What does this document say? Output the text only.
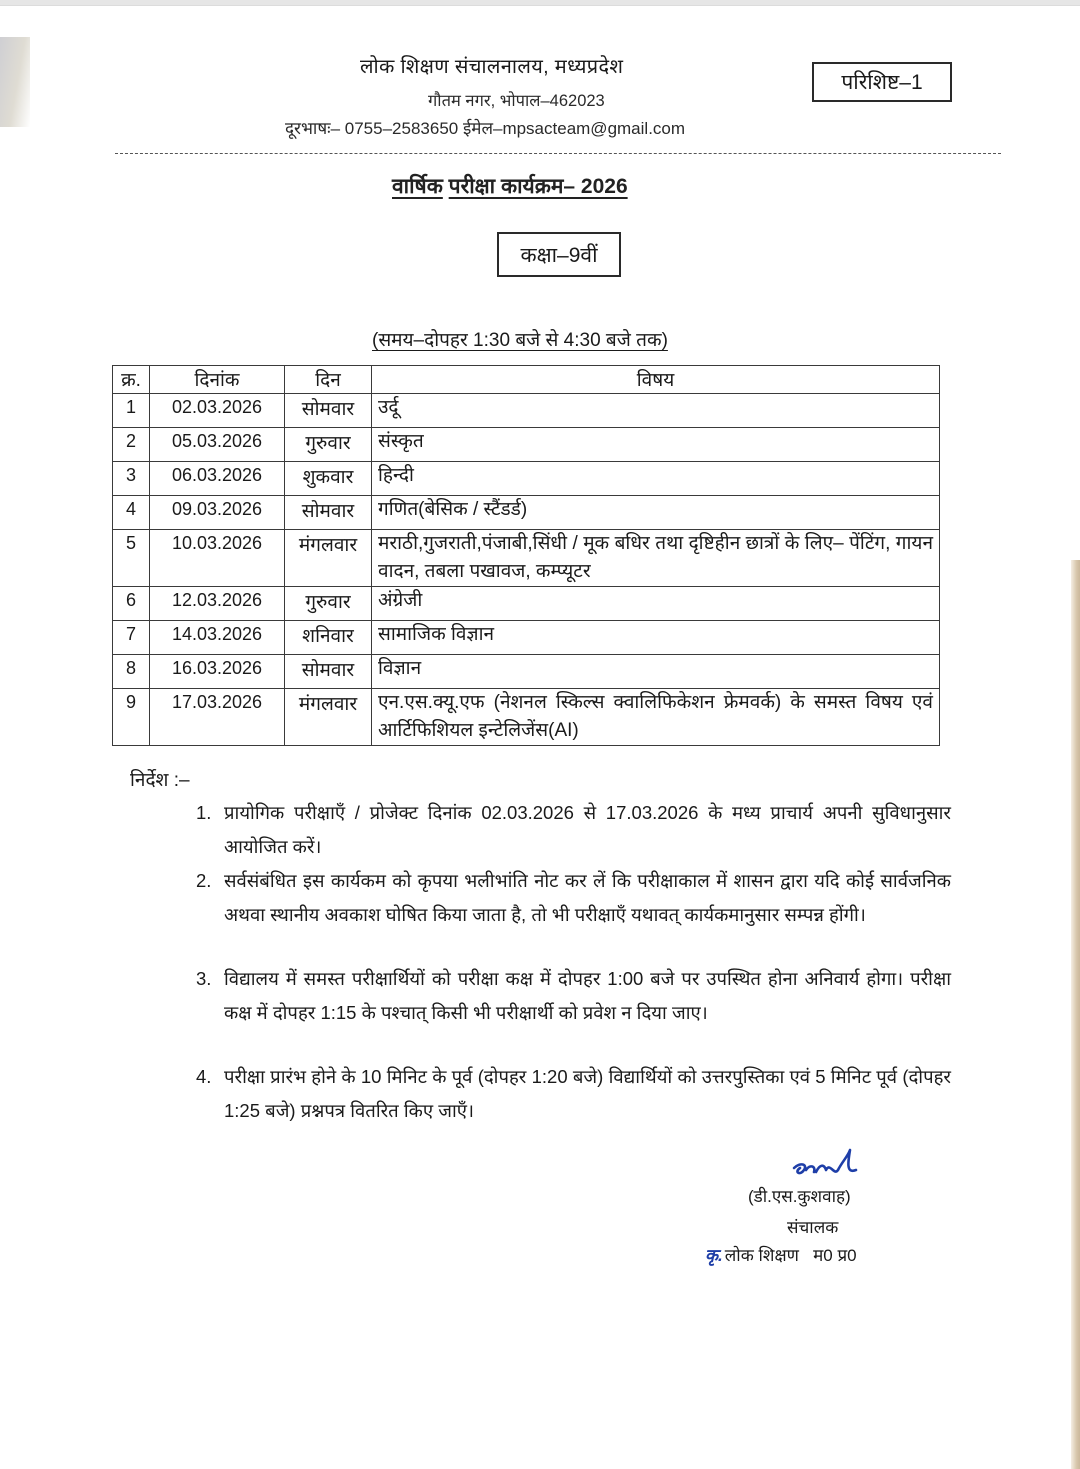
लोक शिक्षण संचालनालय, मध्यप्रदेश
गौतम नगर, भोपाल–462023
दूरभाषः– 0755–2583650 ईमेल–mpsacteam@gmail.com
परिशिष्ट–1
वार्षिक परीक्षा कार्यक्रम– 2026
कक्षा–9वीं
(समय–दोपहर 1:30 बजे से 4:30 बजे तक)
क्र.	दिनांक	दिन	विषय
1	02.03.2026	सोमवार	उर्दू
2	05.03.2026	गुरुवार	संस्कृत
3	06.03.2026	शुकवार	हिन्दी
4	09.03.2026	सोमवार	गणित(बेसिक / स्टैंडर्ड)
5	10.03.2026	मंगलवार	मराठी,गुजराती,पंजाबी,सिंधी / मूक बधिर तथा दृष्टिहीन छात्रों के लिए– पेंटिंग, गायन वादन, तबला पखावज, कम्प्यूटर
6	12.03.2026	गुरुवार	अंग्रेजी
7	14.03.2026	शनिवार	सामाजिक विज्ञान
8	16.03.2026	सोमवार	विज्ञान
9	17.03.2026	मंगलवार	एन.एस.क्यू.एफ (नेशनल स्किल्स क्वालिफिकेशन फ्रेमवर्क) के समस्त विषय एवं आर्टिफिशियल इन्टेलिजेंस(AI)
निर्देश :–
1. प्रायोगिक परीक्षाएँ / प्रोजेक्ट दिनांक 02.03.2026 से 17.03.2026 के मध्य प्राचार्य अपनी सुविधानुसार आयोजित करें।
2. सर्वसंबंधित इस कार्यकम को कृपया भलीभांति नोट कर लें कि परीक्षाकाल में शासन द्वारा यदि कोई सार्वजनिक अथवा स्थानीय अवकाश घोषित किया जाता है, तो भी परीक्षाएँ यथावत् कार्यकमानुसार सम्पन्न होंगी।
3. विद्यालय में समस्त परीक्षार्थियों को परीक्षा कक्ष में दोपहर 1:00 बजे पर उपस्थित होना अनिवार्य होगा। परीक्षा कक्ष में दोपहर 1:15 के पश्चात् किसी भी परीक्षार्थी को प्रवेश न दिया जाए।
4. परीक्षा प्रारंभ होने के 10 मिनिट के पूर्व (दोपहर 1:20 बजे) विद्यार्थियों को उत्तरपुस्तिका एवं 5 मिनिट पूर्व (दोपहर 1:25 बजे) प्रश्नपत्र वितरित किए जाएँ।
(डी.एस.कुशवाह)
संचालक
कृ. लोक शिक्षण   म0 प्र0
